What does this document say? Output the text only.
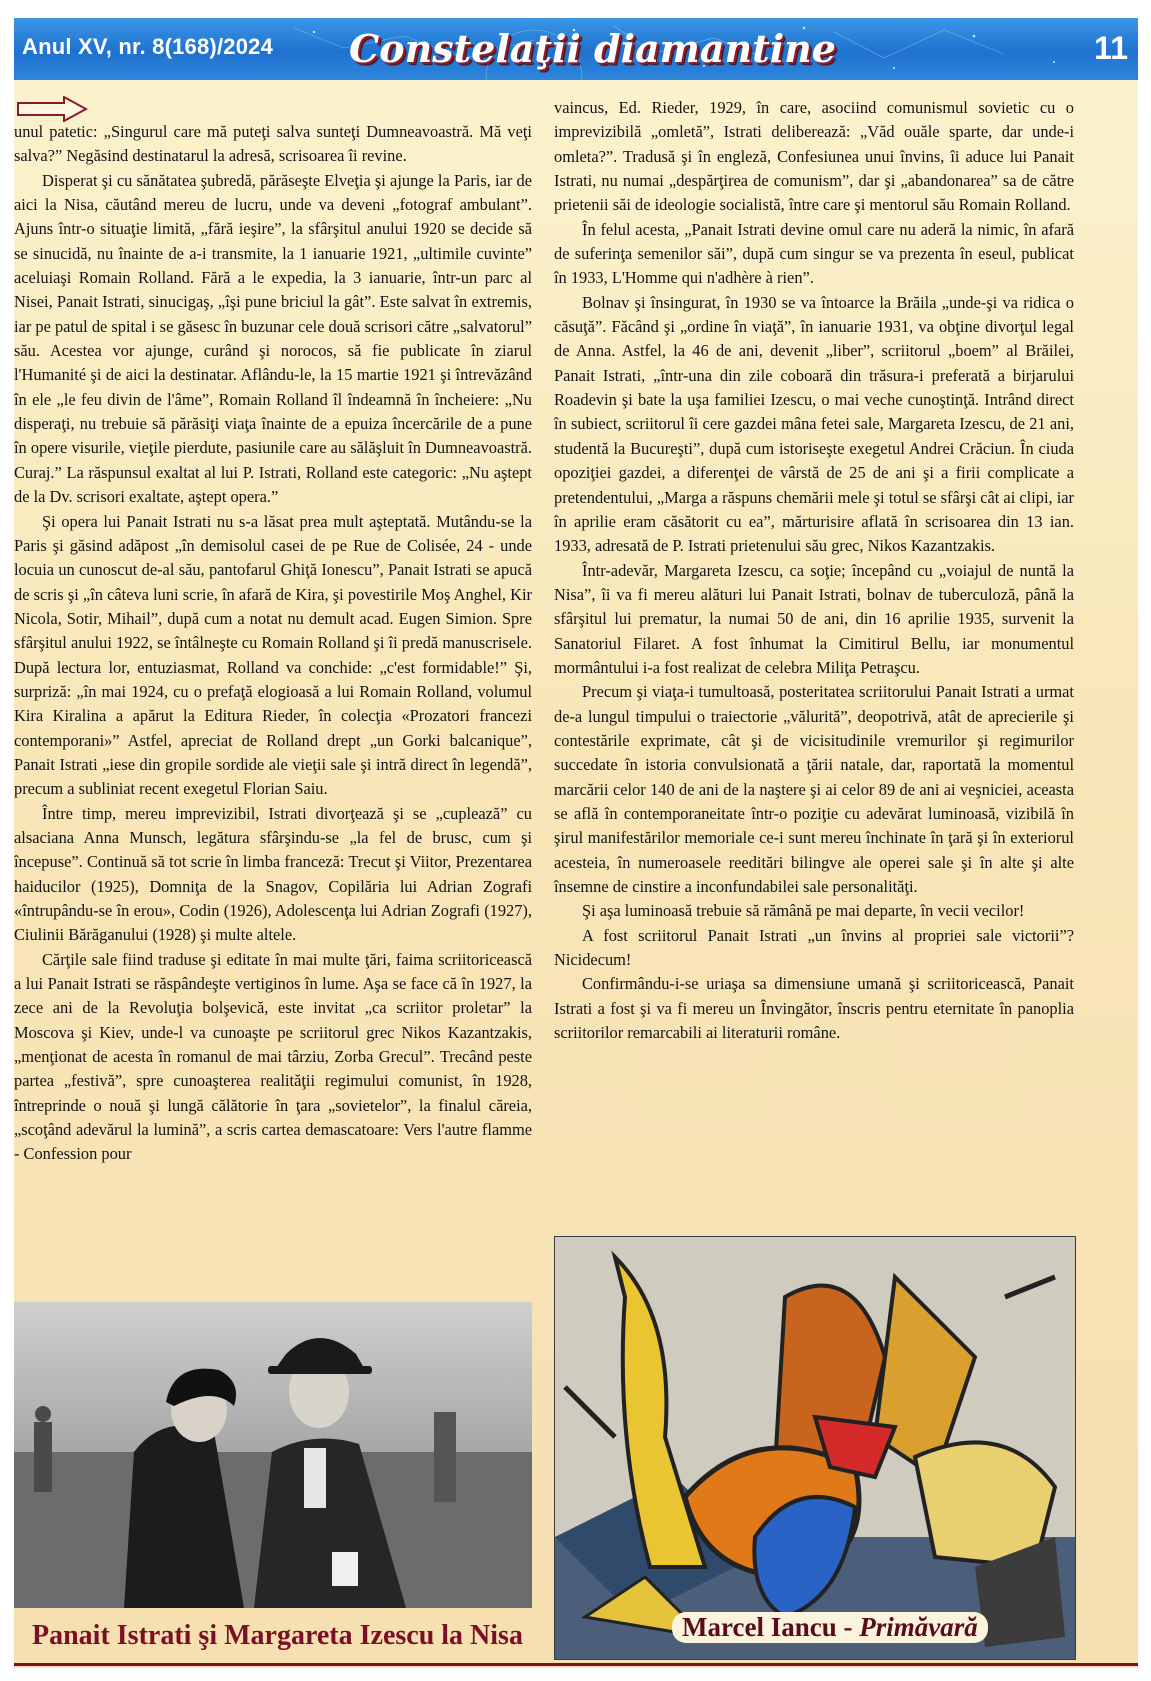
Anul XV, nr. 8(168)/2024 Constelaţii diamantine	11

unul patetic: „Singurul care mă puteţi salva sunteţi Dumneavoastră. Mă veţi salva?” Negăsind destinatarul la adresă, scrisoarea îi revine.

Disperat şi cu sănătatea şubredă, părăseşte Elveţia şi ajunge la Paris, iar de aici la Nisa, căutând mereu de lucru, unde va deveni „fotograf ambulant”. Ajuns într-o situaţie limită, „fără ieşire”, la sfârşitul anului 1920 se decide să se sinucidă, nu înainte de a-i transmite, la 1 ianuarie 1921, „ultimile cuvinte” aceluiaşi Romain Rolland. Fără a le expedia, la 3 ianuarie, într-un parc al Nisei, Panait Istrati, sinucigaş, „îşi pune briciul la gât”. Este salvat în extremis, iar pe patul de spital i se găsesc în buzunar cele două scrisori către „salvatorul” său. Acestea vor ajunge, curând şi norocos, să fie publicate în ziarul l'Humanité şi de aici la destinatar. Aflându-le, la 15 martie 1921 şi întrevăzând în ele „le feu divin de l'âme”, Romain Rolland îl îndeamnă în încheiere: „Nu disperaţi, nu trebuie să părăsiţi viaţa înainte de a epuiza încercările de a pune în opere visurile, vieţile pierdute, pasiunile care au sălăşluit în Dumneavoastră. Curaj.” La răspunsul exaltat al lui P. Istrati, Rolland este categoric: „Nu aştept de la Dv. scrisori exaltate, aştept opera.”

Şi opera lui Panait Istrati nu s-a lăsat prea mult aşteptată. Mutându-se la Paris şi găsind adăpost „în demisolul casei de pe Rue de Colisée, 24 - unde locuia un cunoscut de-al său, pantofarul Ghiţă Ionescu”, Panait Istrati se apucă de scris şi „în câteva luni scrie, în afară de Kira, şi povestirile Moş Anghel, Kir Nicola, Sotir, Mihail”, după cum a notat nu demult acad. Eugen Simion. Spre sfârşitul anului 1922, se întâlneşte cu Romain Rolland şi îi predă manuscrisele. După lectura lor, entuziasmat, Rolland va conchide: „c'est formidable!” Şi, surpriză: „în mai 1924, cu o prefaţă elogioasă a lui Romain Rolland, volumul Kira Kiralina a apărut la Editura Rieder, în colecţia «Prozatori francezi contemporani»” Astfel, apreciat de Rolland drept „un Gorki balcanique”, Panait Istrati „iese din gropile sordide ale vieţii sale şi intră direct în legendă”, precum a subliniat recent exegetul Florian Saiu.

Între timp, mereu imprevizibil, Istrati divorţează şi se „cuplează” cu alsaciana Anna Munsch, legătura sfârşindu-se „la fel de brusc, cum şi începuse”. Continuă să tot scrie în limba franceză: Trecut şi Viitor, Prezentarea haiducilor (1925), Domniţa de la Snagov, Copilăria lui Adrian Zografi «întrupându-se în erou», Codin (1926), Adolescenţa lui Adrian Zografi (1927), Ciulinii Bărăganului (1928) şi multe altele.

Cărţile sale fiind traduse şi editate în mai multe ţări, faima scriitoricească a lui Panait Istrati se răspândeşte vertiginos în lume. Aşa se face că în 1927, la zece ani de la Revoluţia bolşevică, este invitat „ca scriitor proletar” la Moscova şi Kiev, unde-l va cunoaşte pe scriitorul grec Nikos Kazantzakis, „menţionat de acesta în romanul de mai târziu, Zorba Grecul”. Trecând peste partea „festivă”, spre cunoaşterea realităţii regimului comunist, în 1928, întreprinde o nouă şi lungă călătorie în ţara „sovietelor”, la finalul căreia, „scoţând adevărul la lumină”, a scris cartea demascatoare: Vers l'autre flamme - Confession pour

vaincus, Ed. Rieder, 1929, în care, asociind comunismul sovietic cu o imprevizibilă „omletă”, Istrati deliberează: „Văd ouăle sparte, dar unde-i omleta?”. Tradusă şi în engleză, Confesiunea unui învins, îi aduce lui Panait Istrati, nu numai „despărţirea de comunism”, dar şi „abandonarea” sa de către prietenii săi de ideologie socialistă, între care şi mentorul său Romain Rolland.

În felul acesta, „Panait Istrati devine omul care nu aderă la nimic, în afară de suferinţa semenilor săi”, după cum singur se va prezenta în eseul, publicat în 1933, L'Homme qui n'adhère à rien”.

Bolnav şi însingurat, în 1930 se va întoarce la Brăila „unde-şi va ridica o căsuţă”. Făcând şi „ordine în viaţă”, în ianuarie 1931, va obţine divorţul legal de Anna. Astfel, la 46 de ani, devenit „liber”, scriitorul „boem” al Brăilei, Panait Istrati, „într-una din zile coboară din trăsura-i preferată a birjarului Roadevin şi bate la uşa familiei Izescu, o mai veche cunoştinţă. Intrând direct în subiect, scriitorul îi cere gazdei mâna fetei sale, Margareta Izescu, de 21 ani, studentă la Bucureşti”, după cum istoriseşte exegetul Andrei Crăciun. În ciuda opoziţiei gazdei, a diferenţei de vârstă de 25 de ani şi a firii complicate a pretendentului, „Marga a răspuns chemării mele şi totul se sfârşi cât ai clipi, iar în aprilie eram căsătorit cu ea”, mărturisire aflată în scrisoarea din 13 ian. 1933, adresată de P. Istrati prietenului său grec, Nikos Kazantzakis.

Într-adevăr, Margareta Izescu, ca soţie; începând cu „voiajul de nuntă la Nisa”, îi va fi mereu alături lui Panait Istrati, bolnav de tuberculoză, până la sfârşitul lui prematur, la numai 50 de ani, din 16 aprilie 1935, survenit la Sanatoriul Filaret. A fost înhumat la Cimitirul Bellu, iar monumentul mormântului i-a fost realizat de celebra Miliţa Petraşcu.

Precum şi viaţa-i tumultoasă, posteritatea scriitorului Panait Istrati a urmat de-a lungul timpului o traiectorie „vălurită”, deopotrivă, atât de aprecierile şi contestările exprimate, cât şi de vicisitudinile vremurilor şi regimurilor succedate în istoria convulsionată a ţării natale, dar, raportată la momentul marcării celor 140 de ani de la naştere şi ai celor 89 de ani ai veşniciei, aceasta se află în contemporaneitate într-o poziţie cu adevărat luminoasă, vizibilă în şirul manifestărilor memoriale ce-i sunt mereu închinate în ţară şi în exteriorul acesteia, în numeroasele reeditări bilingve ale operei sale şi în alte şi alte însemne de cinstire a inconfundabilei sale personalităţi.

Şi aşa luminoasă trebuie să rămână pe mai departe, în vecii vecilor!

A fost scriitorul Panait Istrati „un învins al propriei sale victorii”? Nicidecum!

Confirmându-i-se uriaşa sa dimensiune umană şi scriitoricească, Panait Istrati a fost şi va fi mereu un Învingător, înscris pentru eternitate în panoplia scriitorilor remarcabili ai literaturii române.

Panait Istrati şi Margareta Izescu la Nisa	Marcel Iancu - Primăvară
